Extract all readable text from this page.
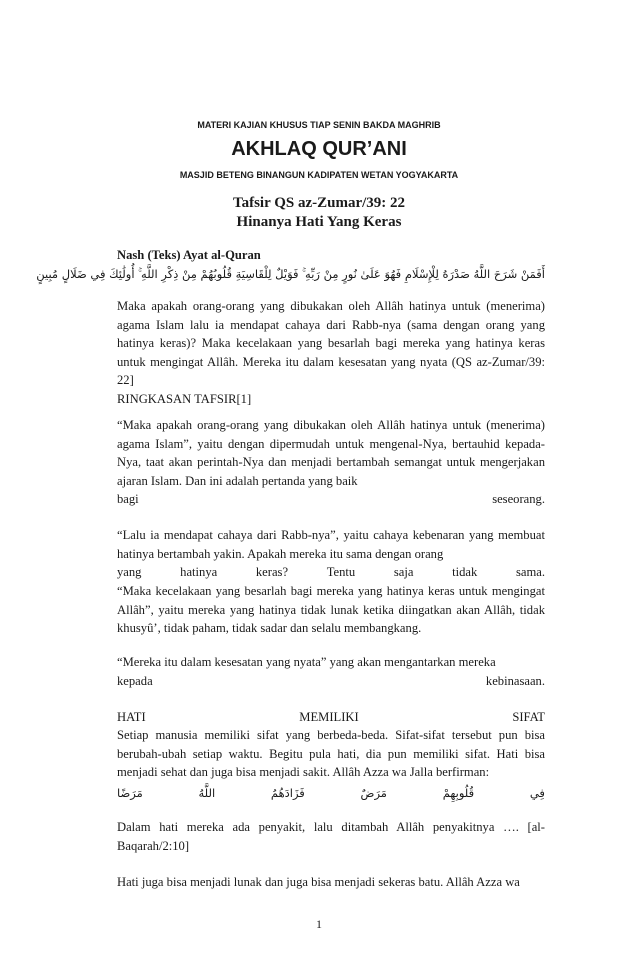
MATERI KAJIAN KHUSUS TIAP SENIN BAKDA MAGHRIB
AKHLAQ QUR’ANI
MASJID BETENG BINANGUN KADIPATEN WETAN YOGYAKARTA
Tafsir QS az-Zumar/39: 22
Hinanya Hati Yang Keras
Nash (Teks) Ayat al-Quran
أَفَمَنْ شَرَحَ اللَّهُ صَدْرَهُ لِلْإِسْلَامِ فَهُوَ عَلَىٰ نُورٍ مِنْ رَبِّهِ ۚ فَوَيْلٌ لِلْقَاسِيَةِ قُلُوبُهُمْ مِنْ ذِكْرِ اللَّهِ ۚ أُولَٰئِكَ فِي ضَلَالٍ مُبِينٍ
Maka apakah orang-orang yang dibukakan oleh Allâh hatinya untuk (menerima) agama Islam lalu ia mendapat cahaya dari Rabb-nya (sama dengan orang yang hatinya keras)? Maka kecelakaan yang besarlah bagi mereka yang hatinya keras untuk mengingat Allâh. Mereka itu dalam kesesatan yang nyata (QS az-Zumar/39: 22]
RINGKASAN TAFSIR[1]

“Maka apakah orang-orang yang dibukakan oleh Allâh hatinya untuk (menerima) agama Islam”, yaitu dengan dipermudah untuk mengenal-Nya, bertauhid kepada-Nya, taat akan perintah-Nya dan menjadi bertambah semangat untuk mengerjakan ajaran Islam. Dan ini adalah pertanda yang baik

bagi	seseorang.

“Lalu ia mendapat cahaya dari Rabb-nya”, yaitu cahaya kebenaran yang membuat hatinya bertambah yakin. Apakah mereka itu sama dengan orang

yang	hatinya	keras?	Tentu	saja	tidak	sama.
“Maka kecelakaan yang besarlah bagi mereka yang hatinya keras untuk mengingat Allâh”, yaitu mereka yang hatinya tidak lunak ketika diingatkan akan Allâh, tidak khusyû’, tidak paham, tidak sadar dan selalu membangkang.

“Mereka itu dalam kesesatan yang nyata” yang akan mengantarkan mereka

kepada	kebinasaan.
HATI	MEMILIKI	SIFAT
Setiap manusia memiliki sifat yang berbeda-beda. Sifat-sifat tersebut pun bisa berubah-ubah setiap waktu. Begitu pula hati, dia pun memiliki sifat. Hati bisa menjadi sehat dan juga bisa menjadi sakit. Allâh Azza wa Jalla berfirman:
فِي
قُلُوبِهِمْ
مَرَضٌ
فَزَادَهُمُ
اللَّهُ
مَرَضًا
Dalam hati mereka ada penyakit, lalu ditambah Allâh penyakitnya …. [al-Baqarah/2:10]
Hati juga bisa menjadi lunak dan juga bisa menjadi sekeras batu. Allâh Azza wa
1
